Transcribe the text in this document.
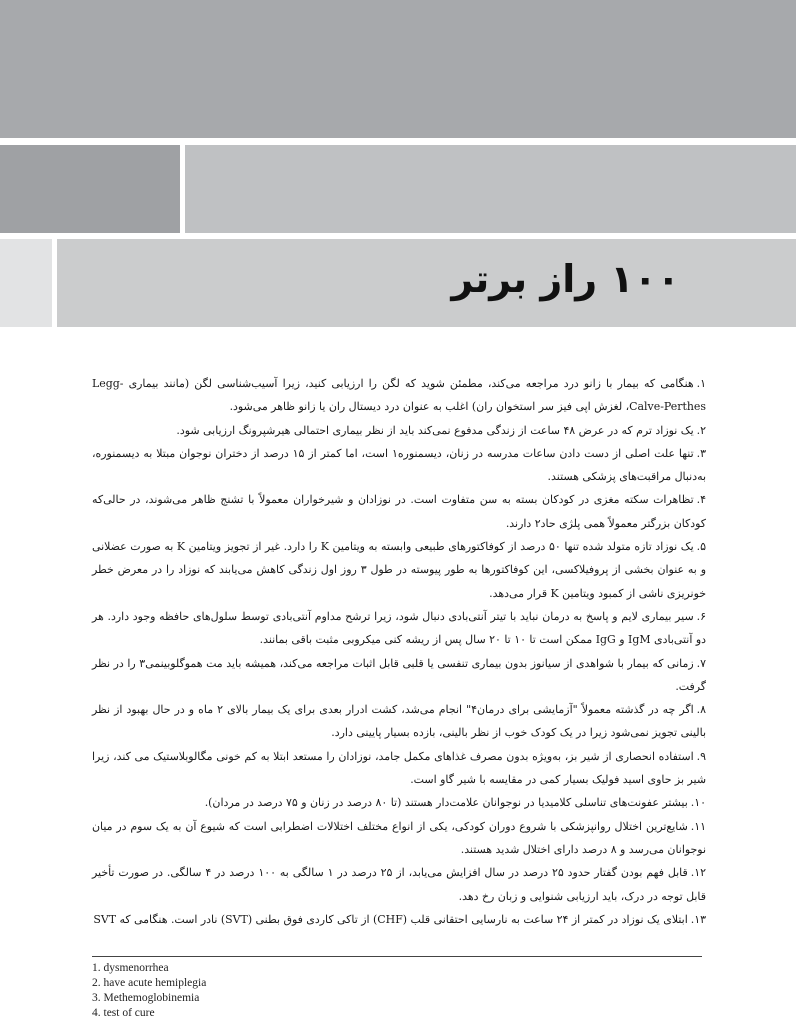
۱۰۰ راز برتر

۱.هنگامی که بیمار با زانو درد مراجعه می‌کند، مطمئن شوید که لگن را ارزیابی کنید، زیرا آسیب‌شناسی لگن (مانند بیماری Legg-Calve-Perthes، لغزش اپی فیز سر استخوان ران) اغلب به عنوان درد دیستال ران یا زانو ظاهر می‌شود.

۲.یک نوزاد ترم که در عرض ۴۸ ساعت از زندگی مدفوع نمی‌کند باید از نظر بیماری احتمالی هیرشپرونگ ارزیابی شود.

۳.تنها علت اصلی از دست دادن ساعات مدرسه در زنان، دیسمنوره۱ است، اما کمتر از ۱۵ درصد از دختران نوجوان مبتلا به دیسمنوره، به‌دنبال مراقبت‌های پزشکی هستند.

۴.تظاهرات سکته مغزی در کودکان بسته به سن متفاوت است. در نوزادان و شیرخواران معمولاً با تشنج ظاهر می‌شوند، در حالی‌که کودکان بزرگتر معمولاً همی پلژی حاد۲ دارند.

۵.یک نوزاد تازه متولد شده تنها ۵۰ درصد از کوفاکتورهای طبیعی وابسته به ویتامین K را دارد. غیر از تجویز ویتامین K به صورت عضلانی و به عنوان بخشی از پروفیلاکسی، این کوفاکتورها به طور پیوسته در طول ۳ روز اول زندگی کاهش می‌یابند که نوزاد را در معرض خطر خونریزی ناشی از کمبود ویتامین K قرار می‌دهد.

۶.سیر بیماری لایم و پاسخ به درمان نباید با تیتر آنتی‌بادی دنبال شود، زیرا ترشح مداوم آنتی‌بادی توسط سلول‌های حافظه وجود دارد. هر دو آنتی‌بادی IgM و IgG ممکن است تا ۱۰ تا ۲۰ سال پس از ریشه کنی میکروبی مثبت باقی بمانند.

۷.زمانی که بیمار با شواهدی از سیانوز بدون بیماری تنفسی یا قلبی قابل اثبات مراجعه می‌کند، همیشه باید مت هموگلوبینمی۳ را در نظر گرفت.

۸.اگر چه در گذشته معمولاً "آزمایشی برای درمان۴" انجام می‌شد، کشت ادرار بعدی برای یک بیمار بالای ۲ ماه و در حال بهبود از نظر بالینی تجویز نمی‌شود زیرا در یک کودک خوب از نظر بالینی، بازده بسیار پایینی دارد.

۹.استفاده انحصاری از شیر بز، به‌ویژه بدون مصرف غذاهای مکمل جامد، نوزادان را مستعد ابتلا به کم خونی مگالوبلاستیک می کند، زیرا شیر بز حاوی اسید فولیک بسیار کمی در مقایسه با شیر گاو است.

۱۰.بیشتر عفونت‌های تناسلی کلامیدیا در نوجوانان علامت‌دار هستند (تا ۸۰ درصد در زنان و ۷۵ درصد در مردان).

۱۱.شایع‌ترین اختلال روانپزشکی با شروع دوران کودکی، یکی از انواع مختلف اختلالات اضطرابی است که شیوع آن به یک سوم در میان نوجوانان می‌رسد و ۸ درصد دارای اختلال شدید هستند.

۱۲.قابل فهم بودن گفتار حدود ۲۵ درصد در سال افزایش می‌یابد، از ۲۵ درصد در ۱ سالگی به ۱۰۰ درصد در ۴ سالگی. در صورت تأخیر قابل توجه در درک، باید ارزیابی شنوایی و زبان رخ دهد.

۱۳.ابتلای یک نوزاد در کمتر از ۲۴ ساعت به نارسایی احتقانی قلب (CHF) از تاکی کاردی فوق بطنی (SVT) نادر است. هنگامی که SVT

1. dysmenorrhea
2. have acute hemiplegia
3. Methemoglobinemia
4. test of cure
